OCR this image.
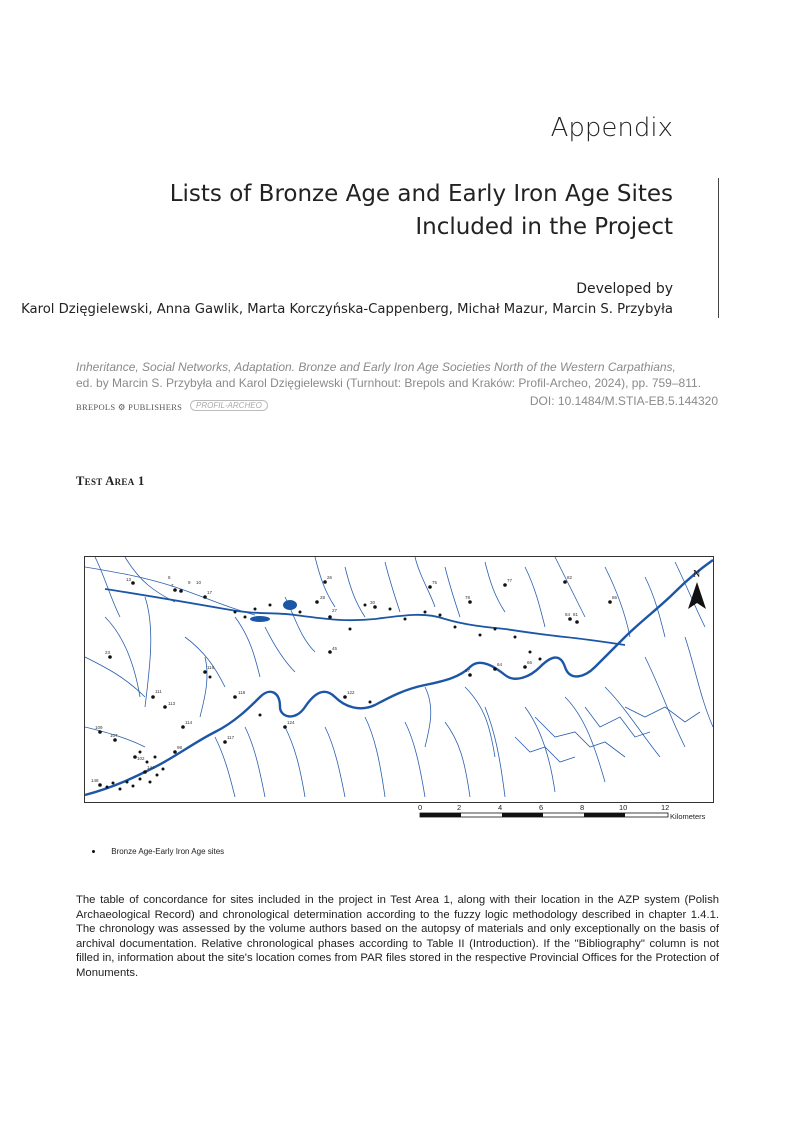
Appendix
Lists of Bronze Age and Early Iron Age Sites Included in the Project
Developed by
Karol Dzięgielewski, Anna Gawlik, Marta Korczyńska-Cappenberg, Michał Mazur, Marcin S. Przybyła
Inheritance, Social Networks, Adaptation. Bronze and Early Iron Age Societies North of the Western Carpathians,
ed. by Marcin S. Przybyła and Karol Dzięgielewski (Turnhout: Brepols and Kraków: Profil-Archeo, 2024), pp. 759–811.
BREPOLS ⚙ PUBLISHERS	PROFIL-ARCHEO	DOI: 10.1484/M.STIA-EB.5.144320
Test Area 1
N
13	8
7
9 10
17
28
27
26
30
45
75	77
82
86
78
84 81
66
57
64
23
111
113
118
116
124
122
109
107
114
117
98
102
144
148
0	2	4	6	8	10	12
Kilometers
Bronze Age-Early Iron Age sites
The table of concordance for sites included in the project in Test Area 1, along with their location in the AZP system (Polish Archaeological Record) and chronological determination according to the fuzzy logic methodology described in chapter 1.4.1. The chronology was assessed by the volume authors based on the autopsy of materials and only exceptionally on the basis of archival documentation. Relative chronological phases according to Table II (Introduction). If the "Bibliography" column is not filled in, information about the site's location comes from PAR files stored in the respective Provincial Offices for the Protection of Monuments.
